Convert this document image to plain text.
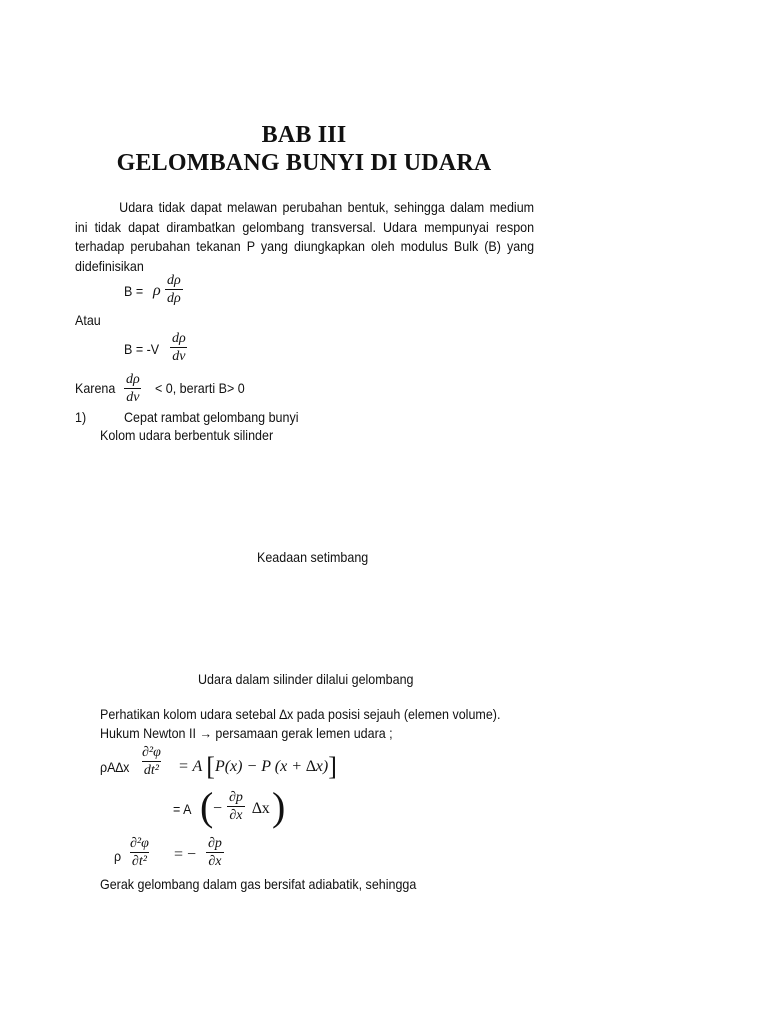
BAB III
GELOMBANG BUNYI DI UDARA
Udara tidak dapat melawan perubahan bentuk, sehingga dalam medium ini tidak dapat dirambatkan gelombang transversal. Udara mempunyai respon terhadap perubahan tekanan P yang diungkapkan oleh modulus Bulk (B) yang didefinisikan
B = ρ $\frac{d\rho}{d\rho}$
Atau
$B = -V \frac{d\rho}{dv}$
Karena $\frac{d\rho}{dv} < 0$, berarti B> 0
1)	Cepat rambat gelombang bunyi
Kolom udara berbentuk silinder
Keadaan setimbang
Udara dalam silinder dilalui gelombang
Perhatikan kolom udara setebal ∆x pada posisi sejauh (elemen volume).
Hukum Newton II → persamaan gerak lemen udara ;
$\rho A\Delta x \frac{\text{∂²φ}}{\text{dt²}} = A$ [P(x) − P (x + ∆x)]
= A ( − $\frac{\partial p}{\partial x} \Delta x$ )
ρ $\frac{\text{∂²φ}}{\text{∂t²}}$ = − $\frac{\partial p}{\partial x}$
Gerak gelombang dalam gas bersifat adiabatik, sehingga
